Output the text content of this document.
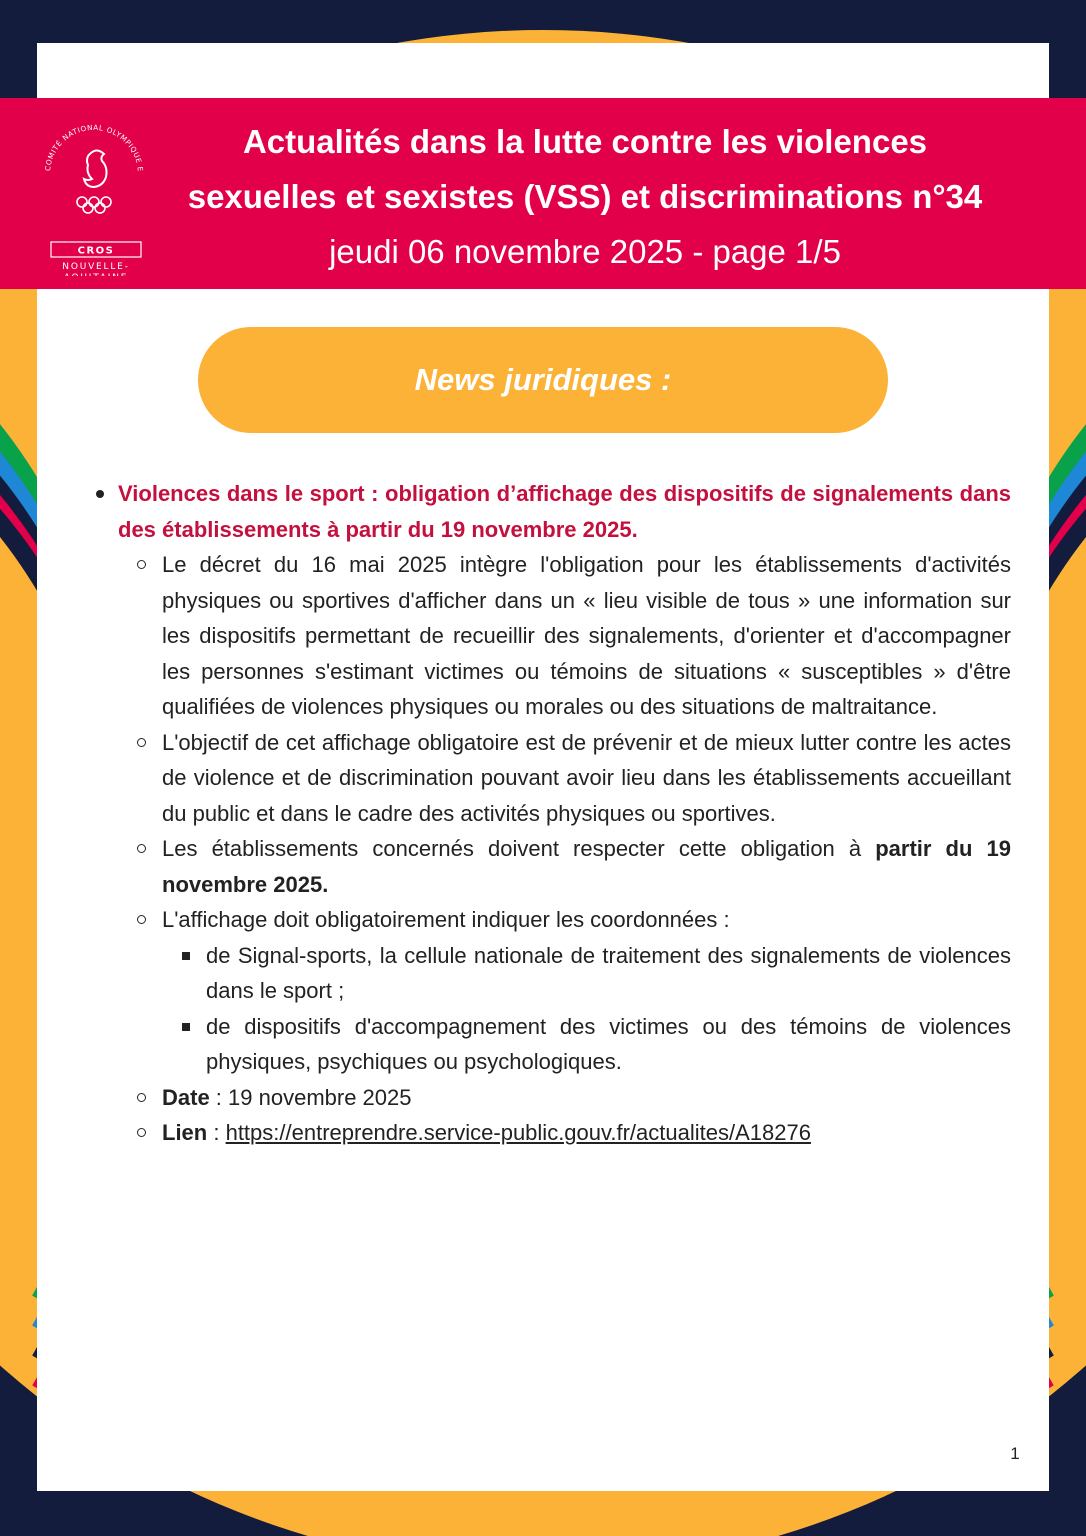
COMITÉ NATIONAL OLYMPIQUE E
CROS
NOUVELLE-
Actualités dans la lutte contre les violences
sexuelles et sexistes (VSS) et discriminations n°34
jeudi 06 novembre 2025 - page 1/5
News juridiques :
Violences dans le sport : obligation d’affichage des dispositifs de signalements dans des établissements à partir du 19 novembre 2025.
Le décret du 16 mai 2025 intègre l'obligation pour les établissements d'activités physiques ou sportives d'afficher dans un « lieu visible de tous » une information sur les dispositifs permettant de recueillir des signalements, d'orienter et d'accompagner les personnes s'estimant victimes ou témoins de situations « susceptibles » d'être qualifiées de violences physiques ou morales ou des situations de maltraitance.
L'objectif de cet affichage obligatoire est de prévenir et de mieux lutter contre les actes de violence et de discrimination pouvant avoir lieu dans les établissements accueillant du public et dans le cadre des activités physiques ou sportives.
Les établissements concernés doivent respecter cette obligation à partir du 19 novembre 2025.
L'affichage doit obligatoirement indiquer les coordonnées :
de Signal-sports, la cellule nationale de traitement des signalements de violences dans le sport ;
de dispositifs d'accompagnement des victimes ou des témoins de violences physiques, psychiques ou psychologiques.
Date : 19 novembre 2025
Lien : https://entreprendre.service-public.gouv.fr/actualites/A18276
1
